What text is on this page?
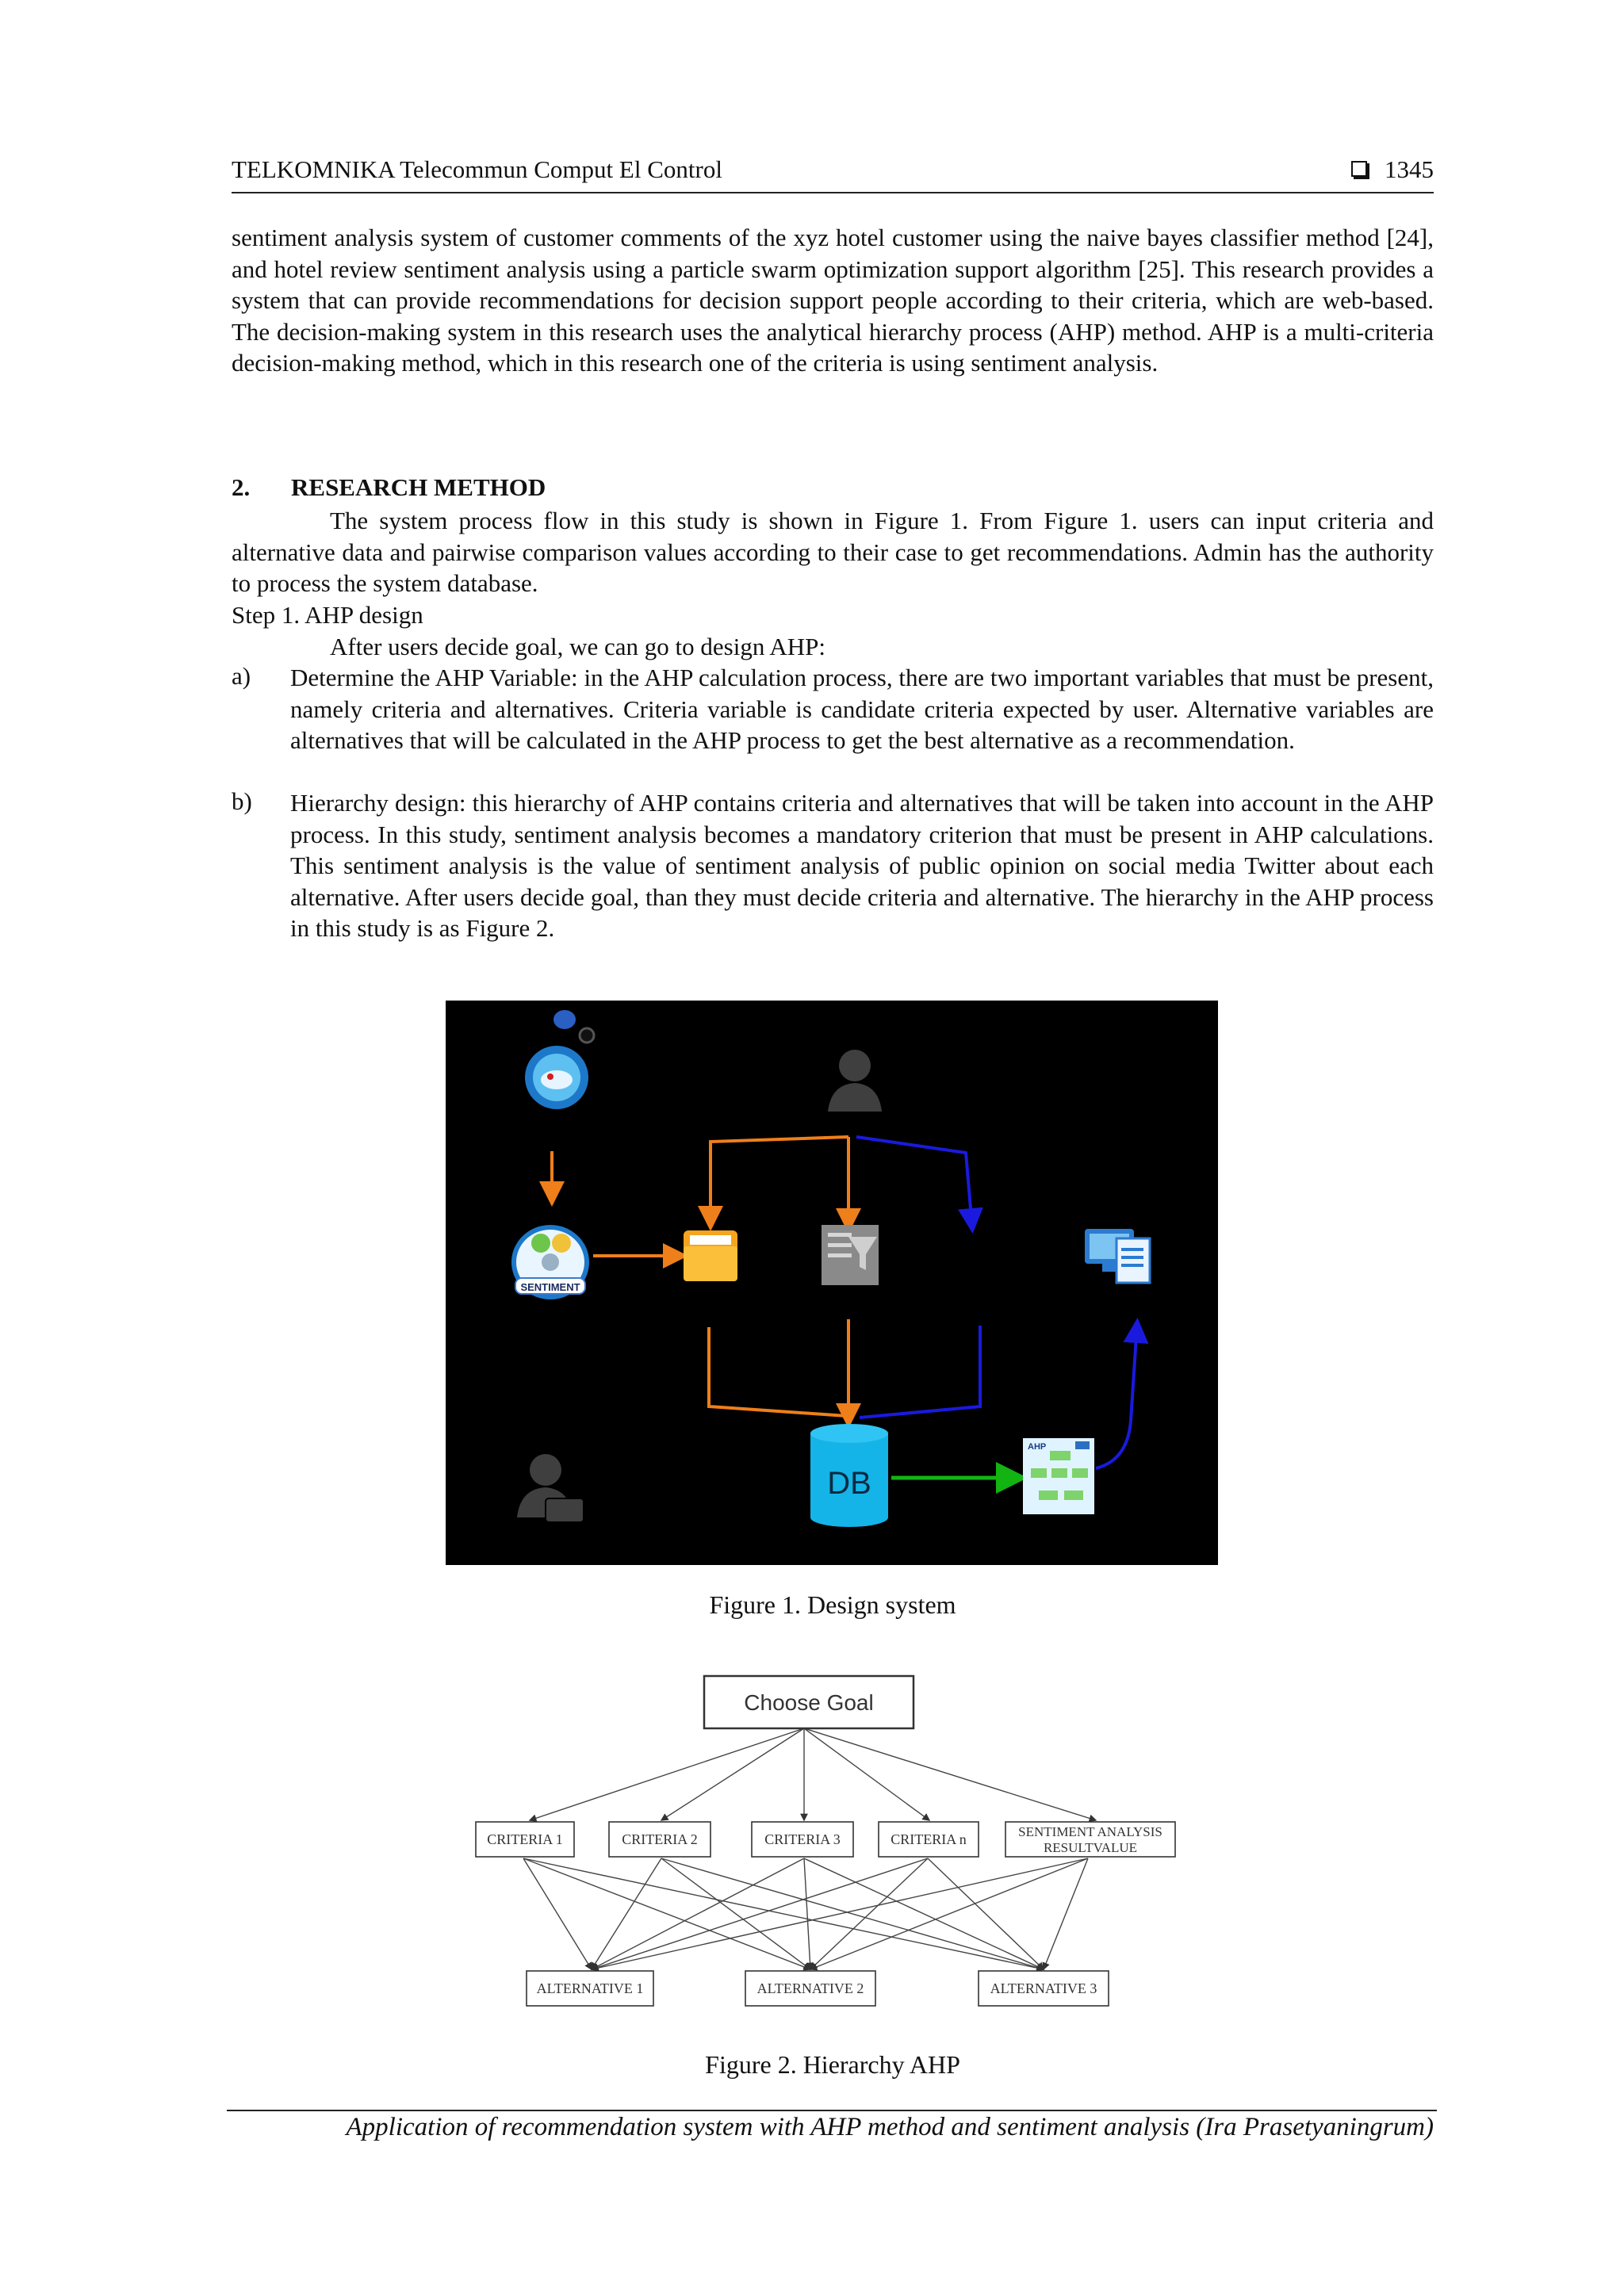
TELKOMNIKA Telecommun Comput El Control	1345
sentiment analysis system of customer comments of the xyz hotel customer using the naive bayes classifier method [24], and hotel review sentiment analysis using a particle swarm optimization support algorithm [25]. This research provides a system that can provide recommendations for decision support people according to their criteria, which are web-based. The decision-making system in this research uses the analytical hierarchy process (AHP) method. AHP is a multi-criteria decision-making method, which in this research one of the criteria is using sentiment analysis.
2. RESEARCH METHOD
The system process flow in this study is shown in Figure 1. From Figure 1. users can input criteria and alternative data and pairwise comparison values according to their case to get recommendations. Admin has the authority to process the system database.
Step 1. AHP design
After users decide goal, we can go to design AHP:
a) Determine the AHP Variable: in the AHP calculation process, there are two important variables that must be present, namely criteria and alternatives. Criteria variable is candidate criteria expected by user. Alternative variables are alternatives that will be calculated in the AHP process to get the best alternative as a recommendation.
b) Hierarchy design: this hierarchy of AHP contains criteria and alternatives that will be taken into account in the AHP process. In this study, sentiment analysis becomes a mandatory criterion that must be present in AHP calculations. This sentiment analysis is the value of sentiment analysis of public opinion on social media Twitter about each alternative. After users decide goal, than they must decide criteria and alternative. The hierarchy in the AHP process in this study is as Figure 2.
SENTIMENT
DB
AHP
Figure 1. Design system
Choose Goal
CRITERIA 1	CRITERIA 2	CRITERIA 3	CRITERIA n	SENTIMENT ANALYSIS
RESULTVALUE
ALTERNATIVE 1	ALTERNATIVE 2	ALTERNATIVE 3
Figure 2. Hierarchy AHP
Application of recommendation system with AHP method and sentiment analysis (Ira Prasetyaningrum)
